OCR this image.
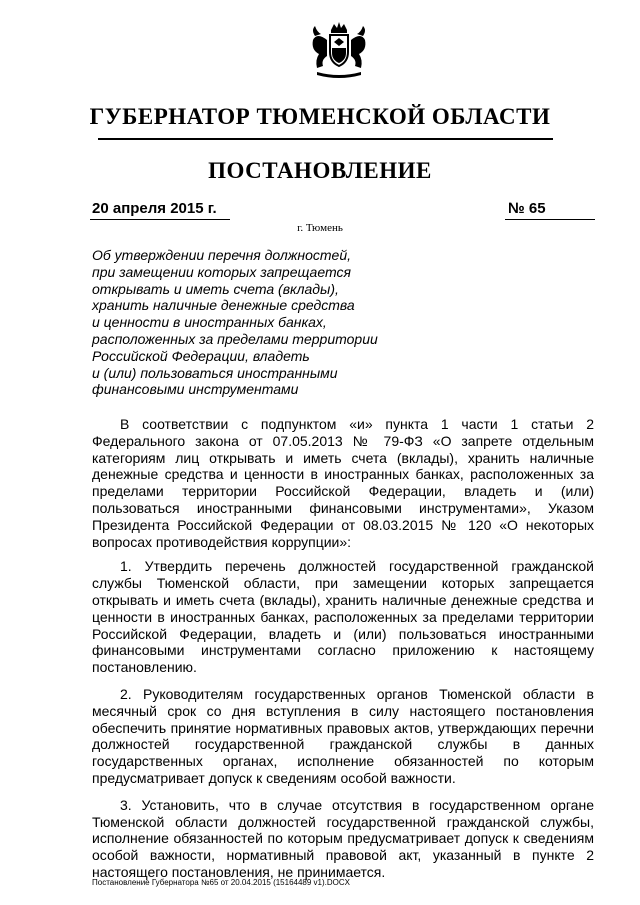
ГУБЕРНАТОР ТЮМЕНСКОЙ ОБЛАСТИ
ПОСТАНОВЛЕНИЕ
20 апреля 2015 г.	№ 65
г. Тюмень
Об утверждении перечня должностей,
при замещении которых запрещается
открывать и иметь счета (вклады),
хранить наличные денежные средства
и ценности в иностранных банках,
расположенных за пределами территории
Российской Федерации, владеть
и (или) пользоваться иностранными
финансовыми инструментами

В соответствии с подпунктом «и» пункта 1 части 1 статьи 2 Федерального закона от 07.05.2013 № 79-ФЗ «О запрете отдельным категориям лиц открывать и иметь счета (вклады), хранить наличные денежные средства и ценности в иностранных банках, расположенных за пределами территории Российской Федерации, владеть и (или) пользоваться иностранными финансовыми инструментами», Указом Президента Российской Федерации от 08.03.2015 № 120 «О некоторых вопросах противодействия коррупции»:

1. Утвердить перечень должностей государственной гражданской службы Тюменской области, при замещении которых запрещается открывать и иметь счета (вклады), хранить наличные денежные средства и ценности в иностранных банках, расположенных за пределами территории Российской Федерации, владеть и (или) пользоваться иностранными финансовыми инструментами согласно приложению к настоящему постановлению.

2. Руководителям государственных органов Тюменской области в месячный срок со дня вступления в силу настоящего постановления обеспечить принятие нормативных правовых актов, утверждающих перечни должностей государственной гражданской службы в данных государственных органах, исполнение обязанностей по которым предусматривает допуск к сведениям особой важности.

3. Установить, что в случае отсутствия в государственном органе Тюменской области должностей государственной гражданской службы, исполнение обязанностей по которым предусматривает допуск к сведениям особой важности, нормативный правовой акт, указанный в пункте 2 настоящего постановления, не принимается.

Постановление Губернатора №65 от 20.04.2015 (15164489 v1).DOCX
